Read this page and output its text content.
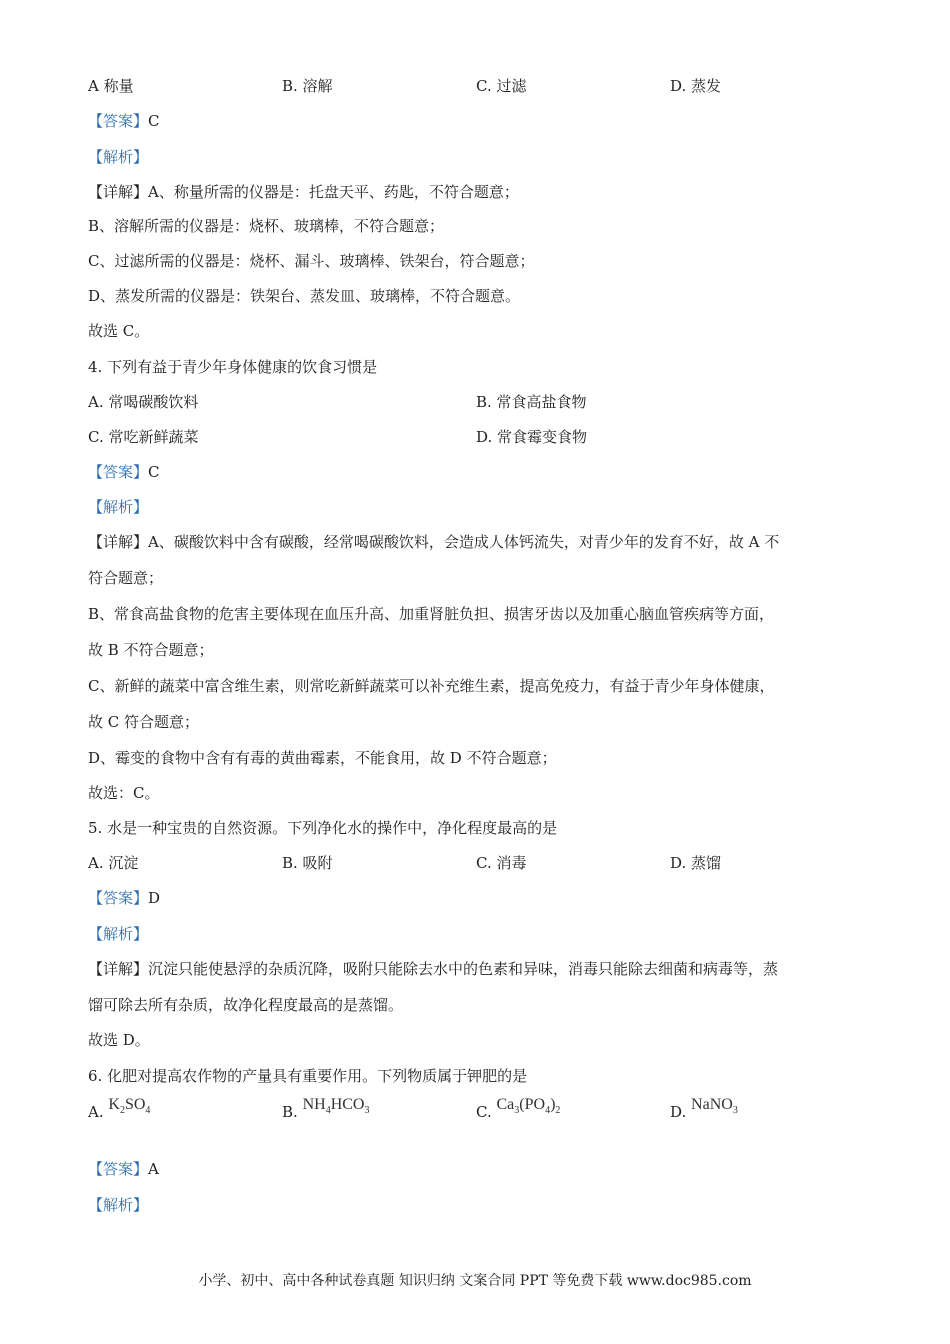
A 称量	B. 溶解	C. 过滤	D. 蒸发
【答案】C
【解析】
【详解】A、称量所需的仪器是：托盘天平、药匙，不符合题意；
B、溶解所需的仪器是：烧杯、玻璃棒，不符合题意；
C、过滤所需的仪器是：烧杯、漏斗、玻璃棒、铁架台，符合题意；
D、蒸发所需的仪器是：铁架台、蒸发皿、玻璃棒，不符合题意。
故选 C。
4. 下列有益于青少年身体健康的饮食习惯是
A. 常喝碳酸饮料	B. 常食高盐食物
C. 常吃新鲜蔬菜	D. 常食霉变食物
【答案】C
【解析】
【详解】A、碳酸饮料中含有碳酸，经常喝碳酸饮料，会造成人体钙流失，对青少年的发育不好，故 A 不
符合题意；
B、常食高盐食物的危害主要体现在血压升高、加重肾脏负担、损害牙齿以及加重心脑血管疾病等方面，
故 B 不符合题意；
C、新鲜的蔬菜中富含维生素，则常吃新鲜蔬菜可以补充维生素，提高免疫力，有益于青少年身体健康，
故 C 符合题意；
D、霉变的食物中含有有毒的黄曲霉素，不能食用，故 D 不符合题意；
故选：C。
5. 水是一种宝贵的自然资源。下列净化水的操作中，净化程度最高的是
A. 沉淀	B. 吸附	C. 消毒	D. 蒸馏
【答案】D
【解析】
【详解】沉淀只能使悬浮的杂质沉降，吸附只能除去水中的色素和异味，消毒只能除去细菌和病毒等，蒸
馏可除去所有杂质，故净化程度最高的是蒸馏。
故选 D。
6. 化肥对提高农作物的产量具有重要作用。下列物质属于钾肥的是
A. $K_2SO_4$	B. $NH_4HCO_3$	C. $Ca_3(PO_4)_2$	D. NaNO$_3$
【答案】A
【解析】
小学、初中、高中各种试卷真题 知识归纳 文案合同 PPT 等免费下载 www.doc985.com
